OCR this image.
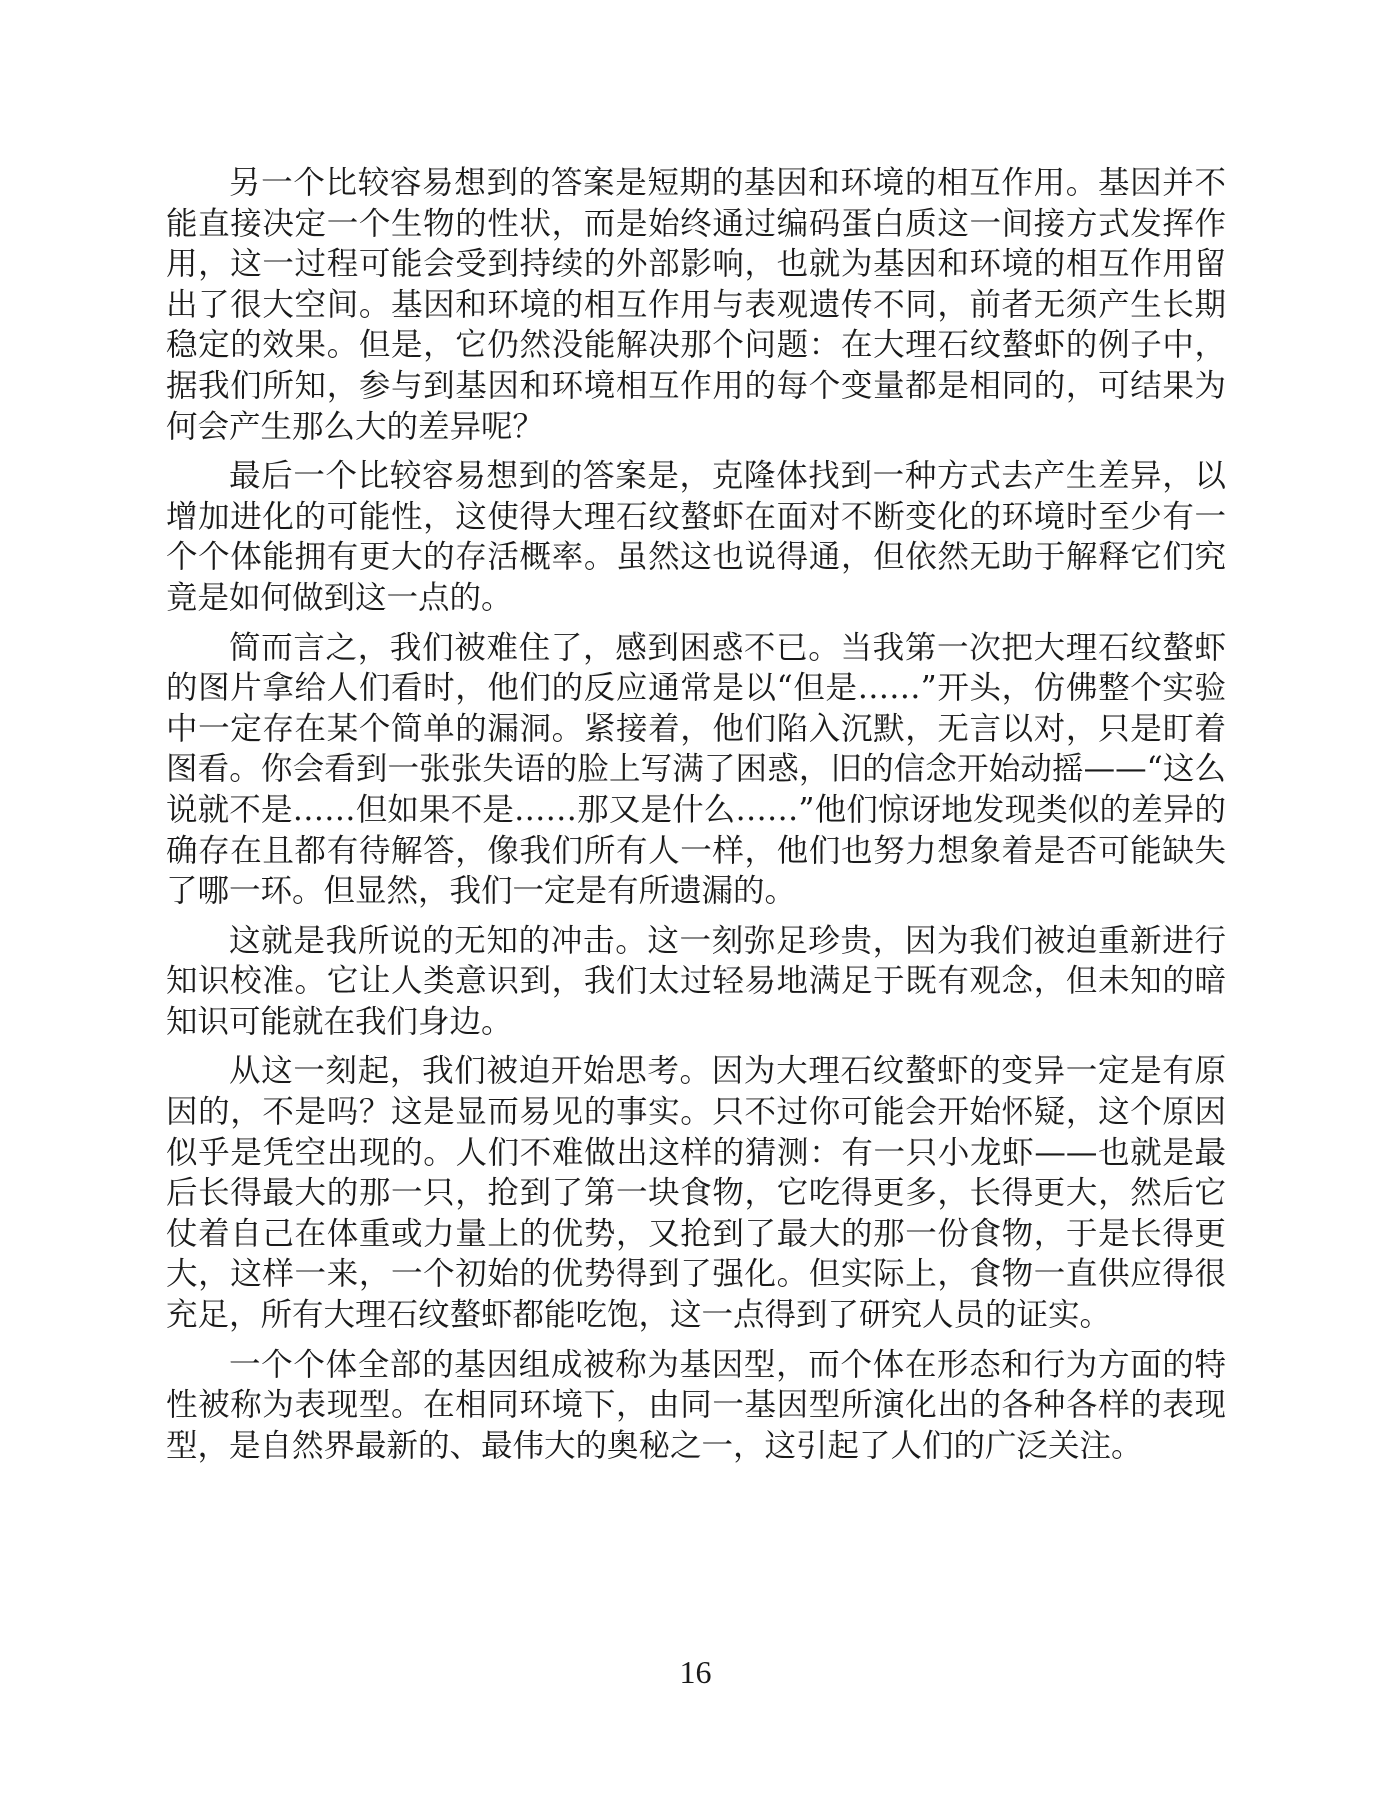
另一个比较容易想到的答案是短期的基因和环境的相互作用。基因并不能直接决定一个生物的性状，而是始终通过编码蛋白质这一间接方式发挥作用，这一过程可能会受到持续的外部影响，也就为基因和环境的相互作用留出了很大空间。基因和环境的相互作用与表观遗传不同，前者无须产生长期稳定的效果。但是，它仍然没能解决那个问题：在大理石纹螯虾的例子中，据我们所知，参与到基因和环境相互作用的每个变量都是相同的，可结果为何会产生那么大的差异呢？

最后一个比较容易想到的答案是，克隆体找到一种方式去产生差异，以增加进化的可能性，这使得大理石纹螯虾在面对不断变化的环境时至少有一个个体能拥有更大的存活概率。虽然这也说得通，但依然无助于解释它们究竟是如何做到这一点的。

简而言之，我们被难住了，感到困惑不已。当我第一次把大理石纹螯虾的图片拿给人们看时，他们的反应通常是以“但是……”开头，仿佛整个实验中一定存在某个简单的漏洞。紧接着，他们陷入沉默，无言以对，只是盯着图看。你会看到一张张失语的脸上写满了困惑，旧的信念开始动摇——“这么说就不是……但如果不是……那又是什么……”他们惊讶地发现类似的差异的确存在且都有待解答，像我们所有人一样，他们也努力想象着是否可能缺失了哪一环。但显然，我们一定是有所遗漏的。

这就是我所说的无知的冲击。这一刻弥足珍贵，因为我们被迫重新进行知识校准。它让人类意识到，我们太过轻易地满足于既有观念，但未知的暗知识可能就在我们身边。

从这一刻起，我们被迫开始思考。因为大理石纹螯虾的变异一定是有原因的，不是吗？这是显而易见的事实。只不过你可能会开始怀疑，这个原因似乎是凭空出现的。人们不难做出这样的猜测：有一只小龙虾——也就是最后长得最大的那一只，抢到了第一块食物，它吃得更多，长得更大，然后它仗着自己在体重或力量上的优势，又抢到了最大的那一份食物，于是长得更大，这样一来，一个初始的优势得到了强化。但实际上，食物一直供应得很充足，所有大理石纹螯虾都能吃饱，这一点得到了研究人员的证实。

一个个体全部的基因组成被称为基因型，而个体在形态和行为方面的特性被称为表现型。在相同环境下，由同一基因型所演化出的各种各样的表现型，是自然界最新的、最伟大的奥秘之一，这引起了人们的广泛关注。

16
